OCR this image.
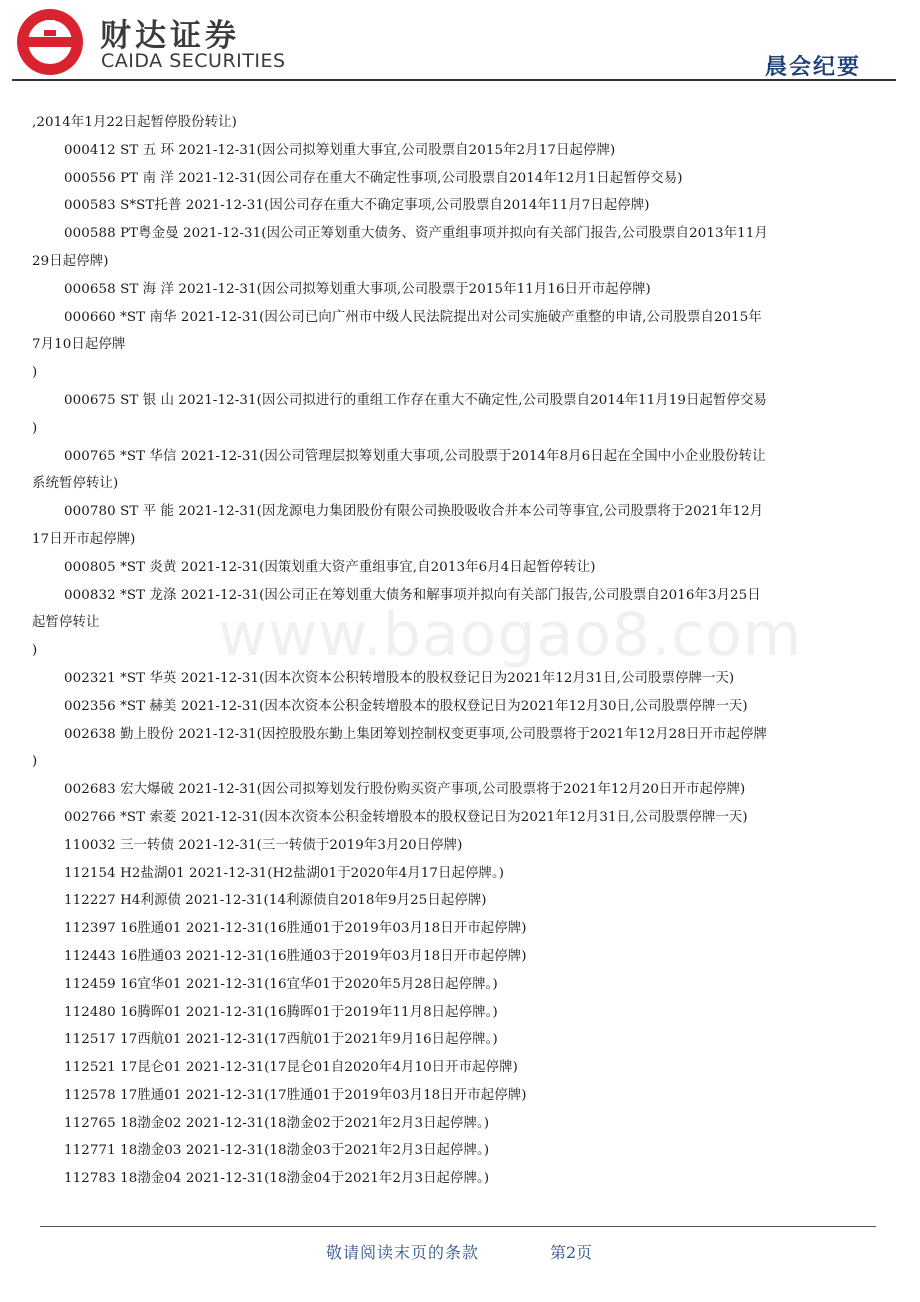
财达证券
CAIDA SECURITIES	晨会纪要
,2014年1月22日起暂停股份转让)
000412 ST 五 环 2021-12-31(因公司拟筹划重大事宜,公司股票自2015年2月17日起停牌)
000556 PT 南 洋 2021-12-31(因公司存在重大不确定性事项,公司股票自2014年12月1日起暂停交易)
000583 S*ST托普 2021-12-31(因公司存在重大不确定事项,公司股票自2014年11月7日起停牌)
000588 PT粤金曼 2021-12-31(因公司正筹划重大债务、资产重组事项并拟向有关部门报告,公司股票自2013年11月
29日起停牌)
000658 ST 海 洋 2021-12-31(因公司拟筹划重大事项,公司股票于2015年11月16日开市起停牌)
000660 *ST 南华 2021-12-31(因公司已向广州市中级人民法院提出对公司实施破产重整的申请,公司股票自2015年
7月10日起停牌
)
000675 ST 银 山 2021-12-31(因公司拟进行的重组工作存在重大不确定性,公司股票自2014年11月19日起暂停交易
)
000765 *ST 华信 2021-12-31(因公司管理层拟筹划重大事项,公司股票于2014年8月6日起在全国中小企业股份转让
系统暂停转让)
000780 ST 平 能 2021-12-31(因龙源电力集团股份有限公司换股吸收合并本公司等事宜,公司股票将于2021年12月
17日开市起停牌)
000805 *ST 炎黄 2021-12-31(因策划重大资产重组事宜,自2013年6月4日起暂停转让)
000832 *ST 龙涤 2021-12-31(因公司正在筹划重大债务和解事项并拟向有关部门报告,公司股票自2016年3月25日
起暂停转让
)
002321 *ST 华英 2021-12-31(因本次资本公积转增股本的股权登记日为2021年12月31日,公司股票停牌一天)
002356 *ST 赫美 2021-12-31(因本次资本公积金转增股本的股权登记日为2021年12月30日,公司股票停牌一天)
002638 勤上股份 2021-12-31(因控股股东勤上集团筹划控制权变更事项,公司股票将于2021年12月28日开市起停牌
)
002683 宏大爆破 2021-12-31(因公司拟筹划发行股份购买资产事项,公司股票将于2021年12月20日开市起停牌)
002766 *ST 索菱 2021-12-31(因本次资本公积金转增股本的股权登记日为2021年12月31日,公司股票停牌一天)
110032 三一转债 2021-12-31(三一转债于2019年3月20日停牌)
112154 H2盐湖01 2021-12-31(H2盐湖01于2020年4月17日起停牌。)
112227 H4利源债 2021-12-31(14利源债自2018年9月25日起停牌)
112397 16胜通01 2021-12-31(16胜通01于2019年03月18日开市起停牌)
112443 16胜通03 2021-12-31(16胜通03于2019年03月18日开市起停牌)
112459 16宜华01 2021-12-31(16宜华01于2020年5月28日起停牌。)
112480 16腾晖01 2021-12-31(16腾晖01于2019年11月8日起停牌。)
112517 17西航01 2021-12-31(17西航01于2021年9月16日起停牌。)
112521 17昆仑01 2021-12-31(17昆仑01自2020年4月10日开市起停牌)
112578 17胜通01 2021-12-31(17胜通01于2019年03月18日开市起停牌)
112765 18渤金02 2021-12-31(18渤金02于2021年2月3日起停牌。)
112771 18渤金03 2021-12-31(18渤金03于2021年2月3日起停牌。)
112783 18渤金04 2021-12-31(18渤金04于2021年2月3日起停牌。)
www.baogao8.com
敬请阅读末页的条款	第2页
